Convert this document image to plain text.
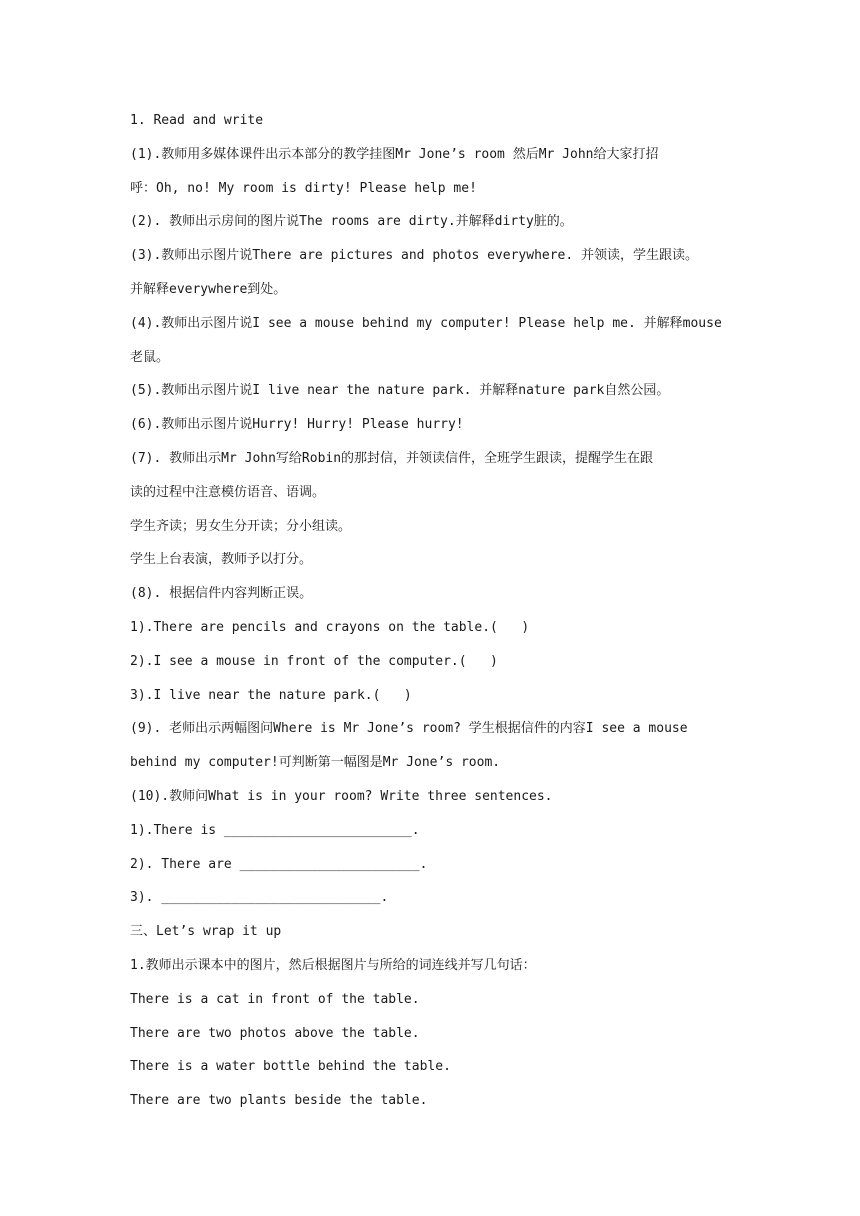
1. Read and write
(1).教师用多媒体课件出示本部分的教学挂图Mr Jone’s room 然后Mr John给大家打招
呼：Oh, no! My room is dirty! Please help me!
(2). 教师出示房间的图片说The rooms are dirty.并解释dirty脏的。
(3).教师出示图片说There are pictures and photos everywhere. 并领读，学生跟读。
并解释everywhere到处。
(4).教师出示图片说I see a mouse behind my computer! Please help me. 并解释mouse
老鼠。
(5).教师出示图片说I live near the nature park. 并解释nature park自然公园。
(6).教师出示图片说Hurry! Hurry! Please hurry!
(7). 教师出示Mr John写给Robin的那封信，并领读信件，全班学生跟读，提醒学生在跟
读的过程中注意模仿语音、语调。
学生齐读；男女生分开读；分小组读。
学生上台表演，教师予以打分。
(8). 根据信件内容判断正误。
1).There are pencils and crayons on the table.(   )
2).I see a mouse in front of the computer.(   )
3).I live near the nature park.(   )
(9). 老师出示两幅图问Where is Mr Jone’s room? 学生根据信件的内容I see a mouse
behind my computer!可判断第一幅图是Mr Jone’s room.
(10).教师问What is in your room? Write three sentences.
1).There is ________________________.
2). There are _______________________.
3). ____________________________.
三、Let’s wrap it up
1.教师出示课本中的图片，然后根据图片与所给的词连线并写几句话：
There is a cat in front of the table.
There are two photos above the table.
There is a water bottle behind the table.
There are two plants beside the table.
